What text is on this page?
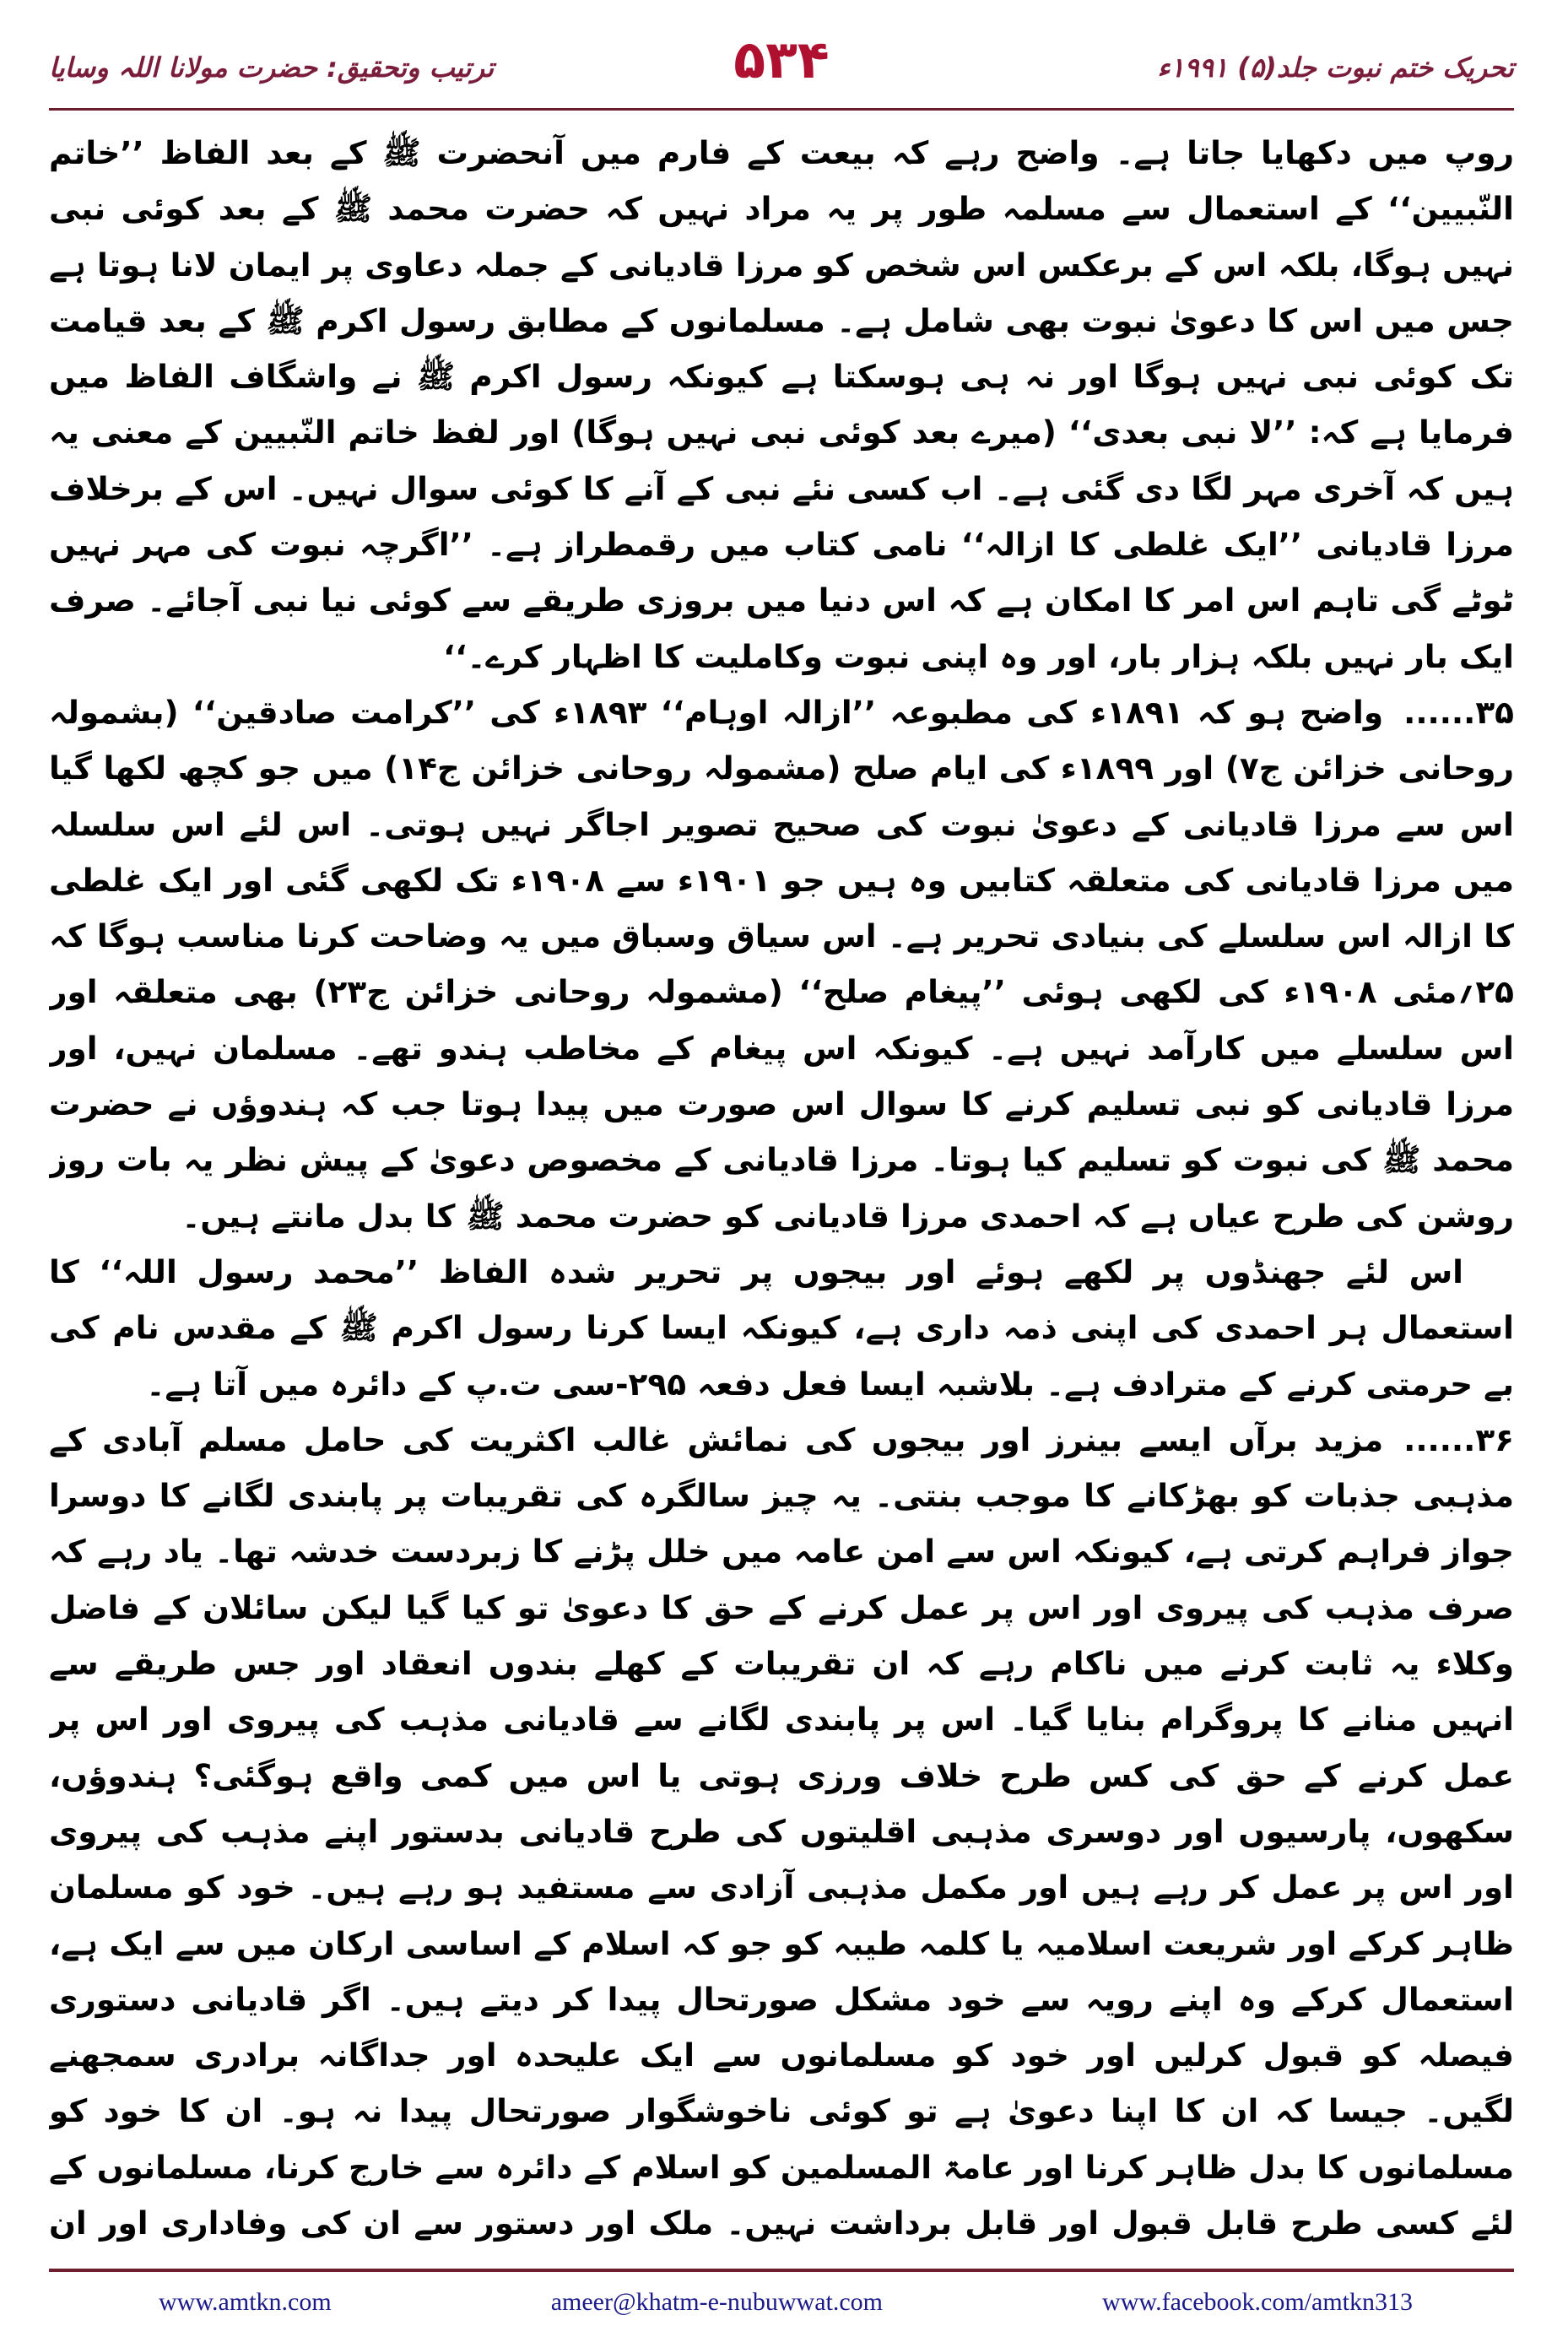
تحریک ختم نبوت جلد(۵) ۱۹۹۱ء
۵۳۴
ترتیب وتحقیق: حضرت مولانا اللہ وسایا

روپ میں دکھایا جاتا ہے۔ واضح رہے کہ بیعت کے فارم میں آنحضرت ﷺ کے بعد الفاظ ’’خاتم النّبیین‘‘ کے استعمال سے مسلمہ طور پر یہ مراد نہیں کہ حضرت محمد ﷺ کے بعد کوئی نبی نہیں ہوگا، بلکہ اس کے برعکس اس شخص کو مرزا قادیانی کے جملہ دعاوی پر ایمان لانا ہوتا ہے جس میں اس کا دعویٰ نبوت بھی شامل ہے۔ مسلمانوں کے مطابق رسول اکرم ﷺ کے بعد قیامت تک کوئی نبی نہیں ہوگا اور نہ ہی ہوسکتا ہے کیونکہ رسول اکرم ﷺ نے واشگاف الفاظ میں فرمایا ہے کہ: ’’لا نبی بعدی‘‘ (میرے بعد کوئی نبی نہیں ہوگا) اور لفظ خاتم النّبیین کے معنی یہ ہیں کہ آخری مہر لگا دی گئی ہے۔ اب کسی نئے نبی کے آنے کا کوئی سوال نہیں۔ اس کے برخلاف مرزا قادیانی ’’ایک غلطی کا ازالہ‘‘ نامی کتاب میں رقمطراز ہے۔ ’’اگرچہ نبوت کی مہر نہیں ٹوٹے گی تاہم اس امر کا امکان ہے کہ اس دنیا میں بروزی طریقے سے کوئی نیا نبی آجائے۔ صرف ایک بار نہیں بلکہ ہزار بار، اور وہ اپنی نبوت وکاملیت کا اظہار کرے۔‘‘

۳۵......واضح ہو کہ ۱۸۹۱ء کی مطبوعہ ’’ازالہ اوہام‘‘ ۱۸۹۳ء کی ’’کرامت صادقین‘‘ (بشمولہ روحانی خزائن ج۷) اور ۱۸۹۹ء کی ایام صلح (مشمولہ روحانی خزائن ج۱۴) میں جو کچھ لکھا گیا اس سے مرزا قادیانی کے دعویٰ نبوت کی صحیح تصویر اجاگر نہیں ہوتی۔ اس لئے اس سلسلہ میں مرزا قادیانی کی متعلقہ کتابیں وہ ہیں جو ۱۹۰۱ء سے ۱۹۰۸ء تک لکھی گئی اور ایک غلطی کا ازالہ اس سلسلے کی بنیادی تحریر ہے۔ اس سیاق وسباق میں یہ وضاحت کرنا مناسب ہوگا کہ ۲۵؍مئی ۱۹۰۸ء کی لکھی ہوئی ’’پیغام صلح‘‘ (مشمولہ روحانی خزائن ج۲۳) بھی متعلقہ اور اس سلسلے میں کارآمد نہیں ہے۔ کیونکہ اس پیغام کے مخاطب ہندو تھے۔ مسلمان نہیں، اور مرزا قادیانی کو نبی تسلیم کرنے کا سوال اس صورت میں پیدا ہوتا جب کہ ہندوؤں نے حضرت محمد ﷺ کی نبوت کو تسلیم کیا ہوتا۔ مرزا قادیانی کے مخصوص دعویٰ کے پیش نظر یہ بات روز روشن کی طرح عیاں ہے کہ احمدی مرزا قادیانی کو حضرت محمد ﷺ کا بدل مانتے ہیں۔

اس لئے جھنڈوں پر لکھے ہوئے اور بیجوں پر تحریر شدہ الفاظ ’’محمد رسول اللہ‘‘ کا استعمال ہر احمدی کی اپنی ذمہ داری ہے، کیونکہ ایسا کرنا رسول اکرم ﷺ کے مقدس نام کی بے حرمتی کرنے کے مترادف ہے۔ بلاشبہ ایسا فعل دفعہ ۲۹۵-سی ت.پ کے دائرہ میں آتا ہے۔

۳۶......مزید برآں ایسے بینرز اور بیجوں کی نمائش غالب اکثریت کی حامل مسلم آبادی کے مذہبی جذبات کو بھڑکانے کا موجب بنتی۔ یہ چیز سالگرہ کی تقریبات پر پابندی لگانے کا دوسرا جواز فراہم کرتی ہے، کیونکہ اس سے امن عامہ میں خلل پڑنے کا زبردست خدشہ تھا۔ یاد رہے کہ صرف مذہب کی پیروی اور اس پر عمل کرنے کے حق کا دعویٰ تو کیا گیا لیکن سائلان کے فاضل وکلاء یہ ثابت کرنے میں ناکام رہے کہ ان تقریبات کے کھلے بندوں انعقاد اور جس طریقے سے انہیں منانے کا پروگرام بنایا گیا۔ اس پر پابندی لگانے سے قادیانی مذہب کی پیروی اور اس پر عمل کرنے کے حق کی کس طرح خلاف ورزی ہوتی یا اس میں کمی واقع ہوگئی؟ ہندوؤں، سکھوں، پارسیوں اور دوسری مذہبی اقلیتوں کی طرح قادیانی بدستور اپنے مذہب کی پیروی اور اس پر عمل کر رہے ہیں اور مکمل مذہبی آزادی سے مستفید ہو رہے ہیں۔ خود کو مسلمان ظاہر کرکے اور شریعت اسلامیہ یا کلمہ طیبہ کو جو کہ اسلام کے اساسی ارکان میں سے ایک ہے، استعمال کرکے وہ اپنے رویہ سے خود مشکل صورتحال پیدا کر دیتے ہیں۔ اگر قادیانی دستوری فیصلہ کو قبول کرلیں اور خود کو مسلمانوں سے ایک علیحدہ اور جداگانہ برادری سمجھنے لگیں۔ جیسا کہ ان کا اپنا دعویٰ ہے تو کوئی ناخوشگوار صورتحال پیدا نہ ہو۔ ان کا خود کو مسلمانوں کا بدل ظاہر کرنا اور عامۃ المسلمین کو اسلام کے دائرہ سے خارج کرنا، مسلمانوں کے لئے کسی طرح قابل قبول اور قابل برداشت نہیں۔ ملک اور دستور سے ان کی وفاداری اور ان

www.amtkn.com	ameer@khatm-e-nubuwwat.com	www.facebook.com/amtkn313
